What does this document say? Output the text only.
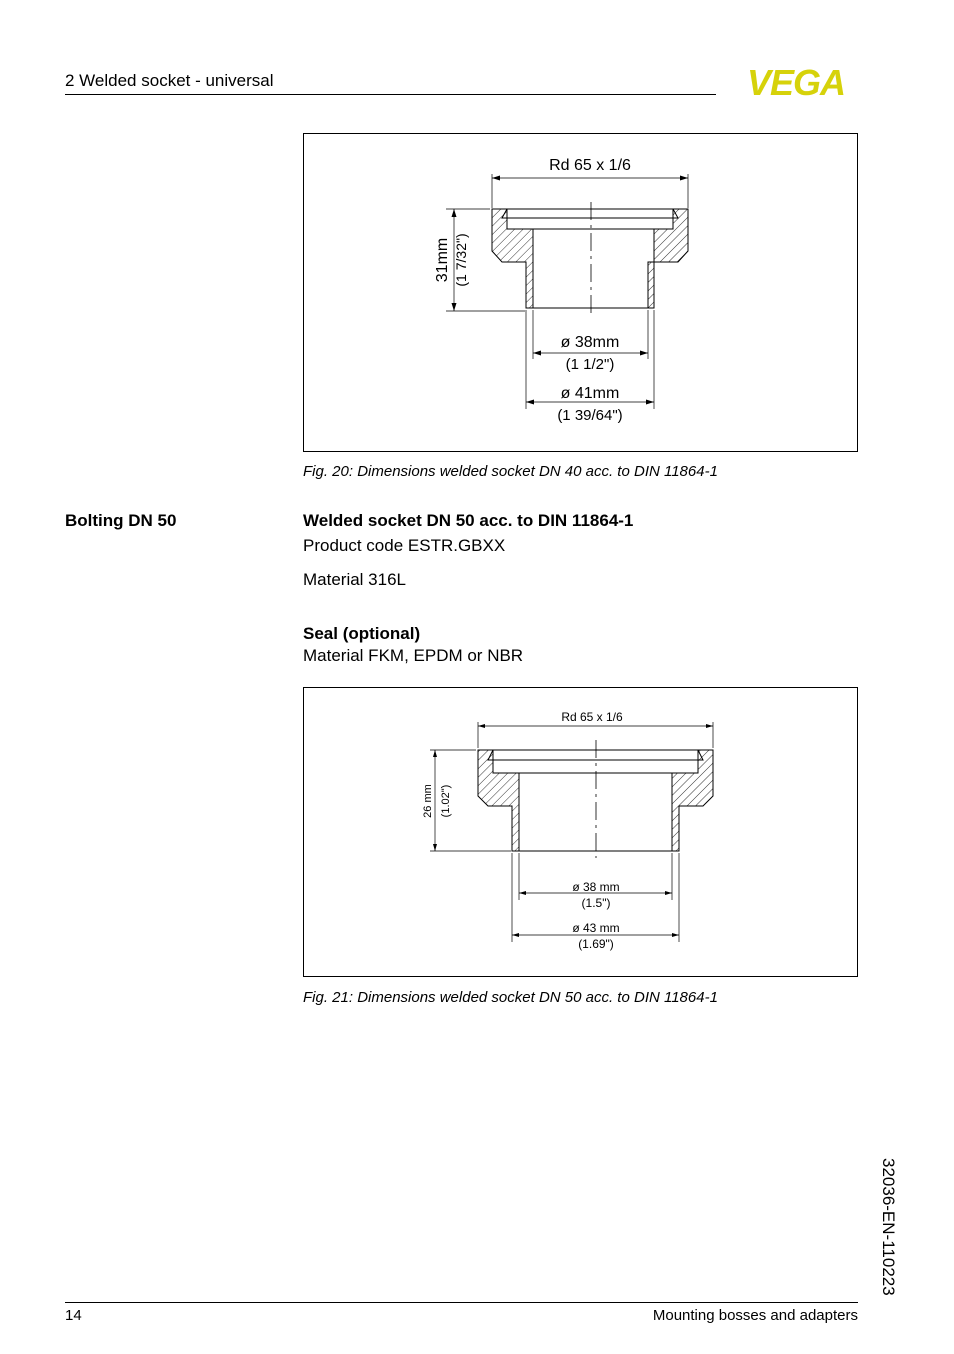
2 Welded socket - universal	VEGA
Rd 65 x 1/6
31mm (1 7/32")
ø 38mm
(1 1/2")
ø 41mm
(1 39/64")
Fig. 20: Dimensions welded socket DN 40 acc. to DIN 11864-1
Bolting DN 50	Welded socket DN 50 acc. to DIN 11864-1
Product code ESTR.GBXX
Material 316L
Seal (optional)
Material FKM, EPDM or NBR
Rd 65 x 1/6
26 mm (1.02")
ø 38 mm
(1.5")
ø 43 mm
(1.69")
Fig. 21: Dimensions welded socket DN 50 acc. to DIN 11864-1
32036-EN-110223
14	Mounting bosses and adapters
